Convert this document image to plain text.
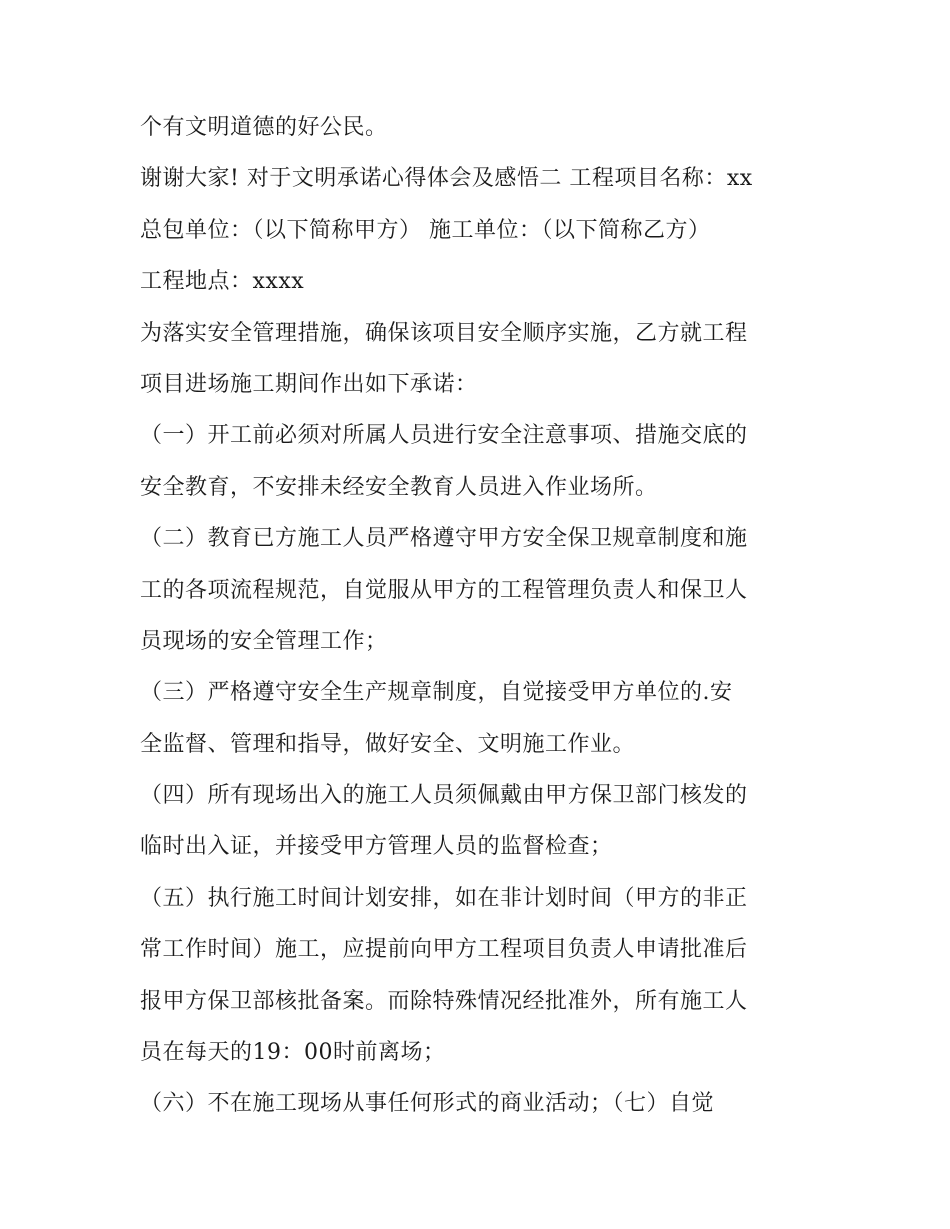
个有文明道德的好公民。
谢谢大家! 对于文明承诺心得体会及感悟二 工程项目名称：xx
总包单位：（以下简称甲方） 施工单位：（以下简称乙方）
工程地点：xxxx
为落实安全管理措施，确保该项目安全顺序实施，乙方就工程
项目进场施工期间作出如下承诺：
（一）开工前必须对所属人员进行安全注意事项、措施交底的
安全教育，不安排未经安全教育人员进入作业场所。
（二）教育已方施工人员严格遵守甲方安全保卫规章制度和施
工的各项流程规范，自觉服从甲方的工程管理负责人和保卫人
员现场的安全管理工作；
（三）严格遵守安全生产规章制度，自觉接受甲方单位的.安
全监督、管理和指导，做好安全、文明施工作业。
（四）所有现场出入的施工人员须佩戴由甲方保卫部门核发的
临时出入证，并接受甲方管理人员的监督检查；
（五）执行施工时间计划安排，如在非计划时间（甲方的非正
常工作时间）施工，应提前向甲方工程项目负责人申请批准后
报甲方保卫部核批备案。而除特殊情况经批准外，所有施工人
员在每天的19：00时前离场；
（六）不在施工现场从事任何形式的商业活动；（七）自觉
